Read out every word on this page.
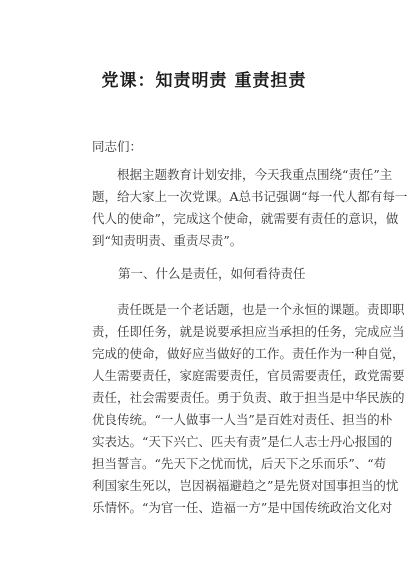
党课：知责明责 重责担责
同志们：
　　根据主题教育计划安排，今天我重点围绕“责任”主
题，给大家上一次党课。A总书记强调“每一代人都有每一
代人的使命”，完成这个使命，就需要有责任的意识，做
到“知责明责、重责尽责”。
第一、什么是责任，如何看待责任
　　责任既是一个老话题，也是一个永恒的课题。责即职
责，任即任务，就是说要承担应当承担的任务，完成应当
完成的使命，做好应当做好的工作。责任作为一种自觉，
人生需要责任，家庭需要责任，官员需要责任，政党需要
责任，社会需要责任。勇于负责、敢于担当是中华民族的
优良传统。“一人做事一人当”是百姓对责任、担当的朴
实表达。“天下兴亡、匹夫有责”是仁人志士丹心报国的
担当誓言。“先天下之忧而忧，后天下之乐而乐”、“苟
利国家生死以，岂因祸福避趋之”是先贤对国事担当的忧
乐情怀。“为官一任、造福一方”是中国传统政治文化对
